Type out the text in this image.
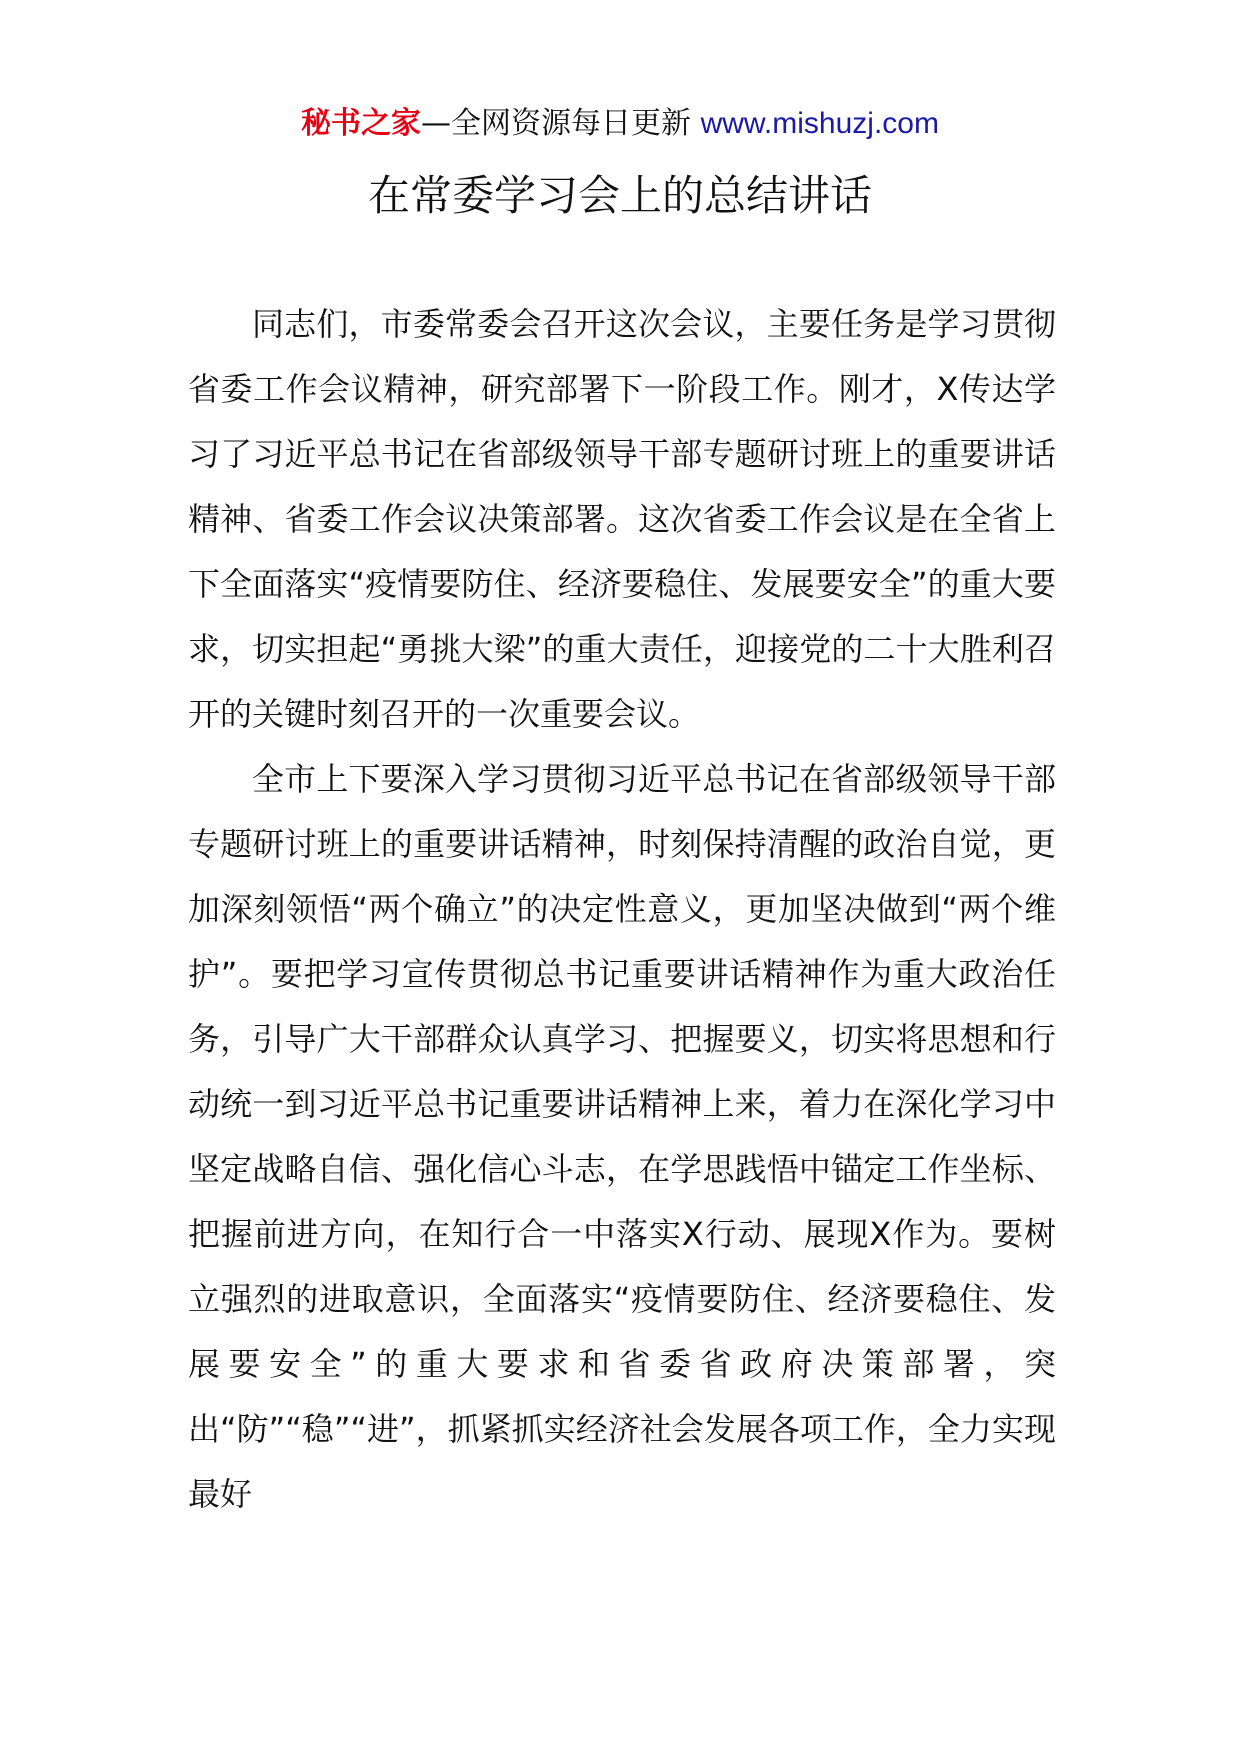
秘书之家—全网资源每日更新 www.mishuzj.com
在常委学习会上的总结讲话

同志们，市委常委会召开这次会议，主要任务是学习贯彻省委工作会议精神，研究部署下一阶段工作。刚才，X传达学习了习近平总书记在省部级领导干部专题研讨班上的重要讲话精神、省委工作会议决策部署。这次省委工作会议是在全省上下全面落实“疫情要防住、经济要稳住、发展要安全”的重大要求，切实担起“勇挑大梁”的重大责任，迎接党的二十大胜利召开的关键时刻召开的一次重要会议。

全市上下要深入学习贯彻习近平总书记在省部级领导干部专题研讨班上的重要讲话精神，时刻保持清醒的政治自觉，更加深刻领悟“两个确立”的决定性意义，更加坚决做到“两个维护”。要把学习宣传贯彻总书记重要讲话精神作为重大政治任务，引导广大干部群众认真学习、把握要义，切实将思想和行动统一到习近平总书记重要讲话精神上来，着力在深化学习中坚定战略自信、强化信心斗志，在学思践悟中锚定工作坐标、把握前进方向，在知行合一中落实X行动、展现X作为。要树立强烈的进取意识，全面落实“疫情要防住、经济要稳住、发展要安全”的重大要求和省委省政府决策部署，突出“防”“稳”“进”，抓紧抓实经济社会发展各项工作，全力实现最好
